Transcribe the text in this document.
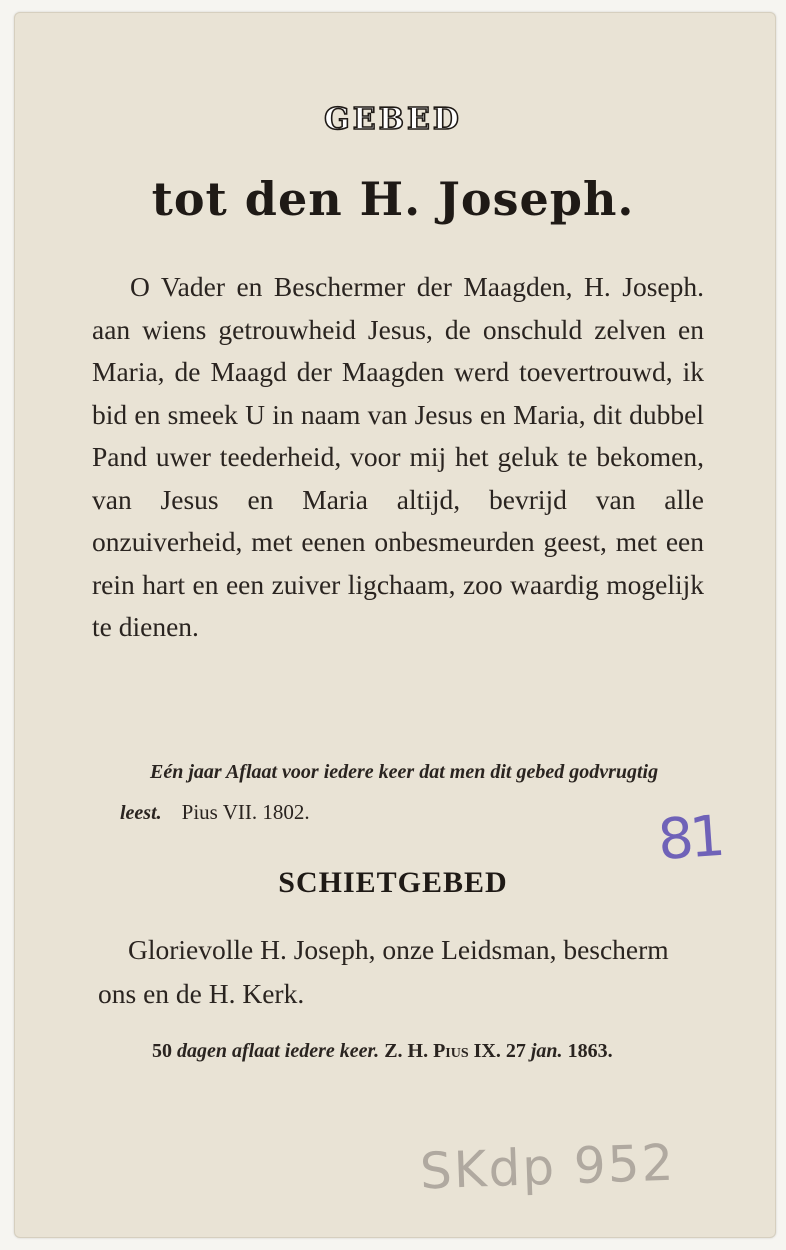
GEBED
tot den H. Joseph.
O Vader en Beschermer der Maagden, H. Joseph. aan wiens getrouwheid Jesus, de onschuld zelven en Maria, de Maagd der Maagden werd toevertrouwd, ik bid en smeek U in naam van Jesus en Maria, dit dubbel Pand uwer teederheid, voor mij het geluk te bekomen, van Jesus en Maria altijd, bevrijd van alle onzuiverheid, met eenen onbesmeurden geest, met een rein hart en een zuiver ligchaam, zoo waardig mogelijk te dienen.
Eén jaar Aflaat voor iedere keer dat men dit gebed godvrugtig leest. Pius VII. 1802.
SCHIETGEBED
Glorievolle H. Joseph, onze Leidsman, bescherm ons en de H. Kerk.
50 dagen aflaat iedere keer. Z. H. Pius IX. 27 jan. 1863.
81
SKdp 952
